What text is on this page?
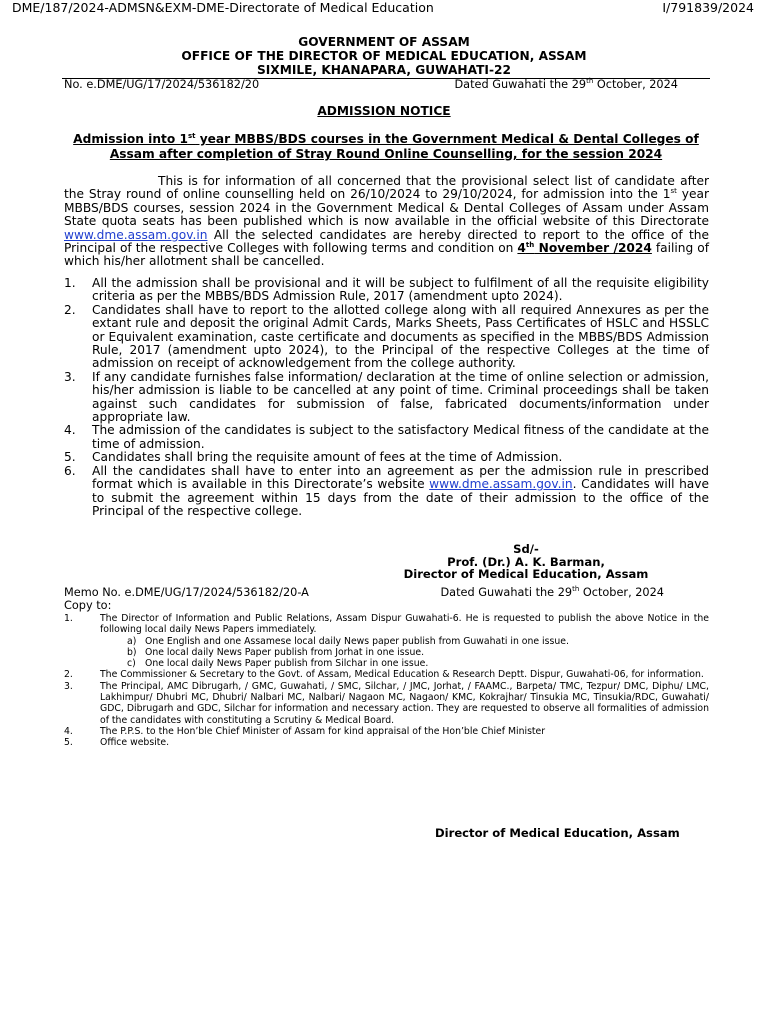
DME/187/2024-ADMSN&EXM-DME-Directorate of Medical Education	I/791839/2024
GOVERNMENT OF ASSAM
OFFICE OF THE DIRECTOR OF MEDICAL EDUCATION, ASSAM
SIXMILE, KHANAPARA, GUWAHATI-22
No. e.DME/UG/17/2024/536182/20	Dated Guwahati the 29th October, 2024
ADMISSION NOTICE
Admission into 1st year MBBS/BDS courses in the Government Medical & Dental Colleges of Assam after completion of Stray Round Online Counselling, for the session 2024
This is for information of all concerned that the provisional select list of candidate after the Stray round of online counselling held on 26/10/2024 to 29/10/2024, for admission into the 1st year MBBS/BDS courses, session 2024 in the Government Medical & Dental Colleges of Assam under Assam State quota seats has been published which is now available in the official website of this Directorate www.dme.assam.gov.in All the selected candidates are hereby directed to report to the office of the Principal of the respective Colleges with following terms and condition on 4th November /2024 failing of which his/her allotment shall be cancelled.
1. All the admission shall be provisional and it will be subject to fulfilment of all the requisite eligibility criteria as per the MBBS/BDS Admission Rule, 2017 (amendment upto 2024).
2. Candidates shall have to report to the allotted college along with all required Annexures as per the extant rule and deposit the original Admit Cards, Marks Sheets, Pass Certificates of HSLC and HSSLC or Equivalent examination, caste certificate and documents as specified in the MBBS/BDS Admission Rule, 2017 (amendment upto 2024), to the Principal of the respective Colleges at the time of admission on receipt of acknowledgement from the college authority.
3. If any candidate furnishes false information/ declaration at the time of online selection or admission, his/her admission is liable to be cancelled at any point of time. Criminal proceedings shall be taken against such candidates for submission of false, fabricated documents/information under appropriate law.
4. The admission of the candidates is subject to the satisfactory Medical fitness of the candidate at the time of admission.
5. Candidates shall bring the requisite amount of fees at the time of Admission.
6. All the candidates shall have to enter into an agreement as per the admission rule in prescribed format which is available in this Directorate’s website www.dme.assam.gov.in. Candidates will have to submit the agreement within 15 days from the date of their admission to the office of the Principal of the respective college.
Sd/-
Prof. (Dr.) A. K. Barman,
Director of Medical Education, Assam
Memo No. e.DME/UG/17/2024/536182/20-A	Dated Guwahati the 29th October, 2024
Copy to:
1.	The Director of Information and Public Relations, Assam Dispur Guwahati-6. He is requested to publish the above Notice in the following local daily News Papers immediately.
a) One English and one Assamese local daily News paper publish from Guwahati in one issue.
b) One local daily News Paper publish from Jorhat in one issue.
c) One local daily News Paper publish from Silchar in one issue.
2.	The Commissioner & Secretary to the Govt. of Assam, Medical Education & Research Deptt. Dispur, Guwahati-06, for information.
3.	The Principal, AMC Dibrugarh, / GMC, Guwahati, / SMC, Silchar, / JMC, Jorhat, / FAAMC., Barpeta/ TMC, Tezpur/ DMC, Diphu/ LMC, Lakhimpur/ Dhubri MC, Dhubri/ Nalbari MC, Nalbari/ Nagaon MC, Nagaon/ KMC, Kokrajhar/ Tinsukia MC, Tinsukia/RDC, Guwahati/ GDC, Dibrugarh and GDC, Silchar for information and necessary action. They are requested to observe all formalities of admission of the candidates with constituting a Scrutiny & Medical Board.
4.	The P.P.S. to the Hon’ble Chief Minister of Assam for kind appraisal of the Hon’ble Chief Minister
5.	Office website.
Director of Medical Education, Assam
